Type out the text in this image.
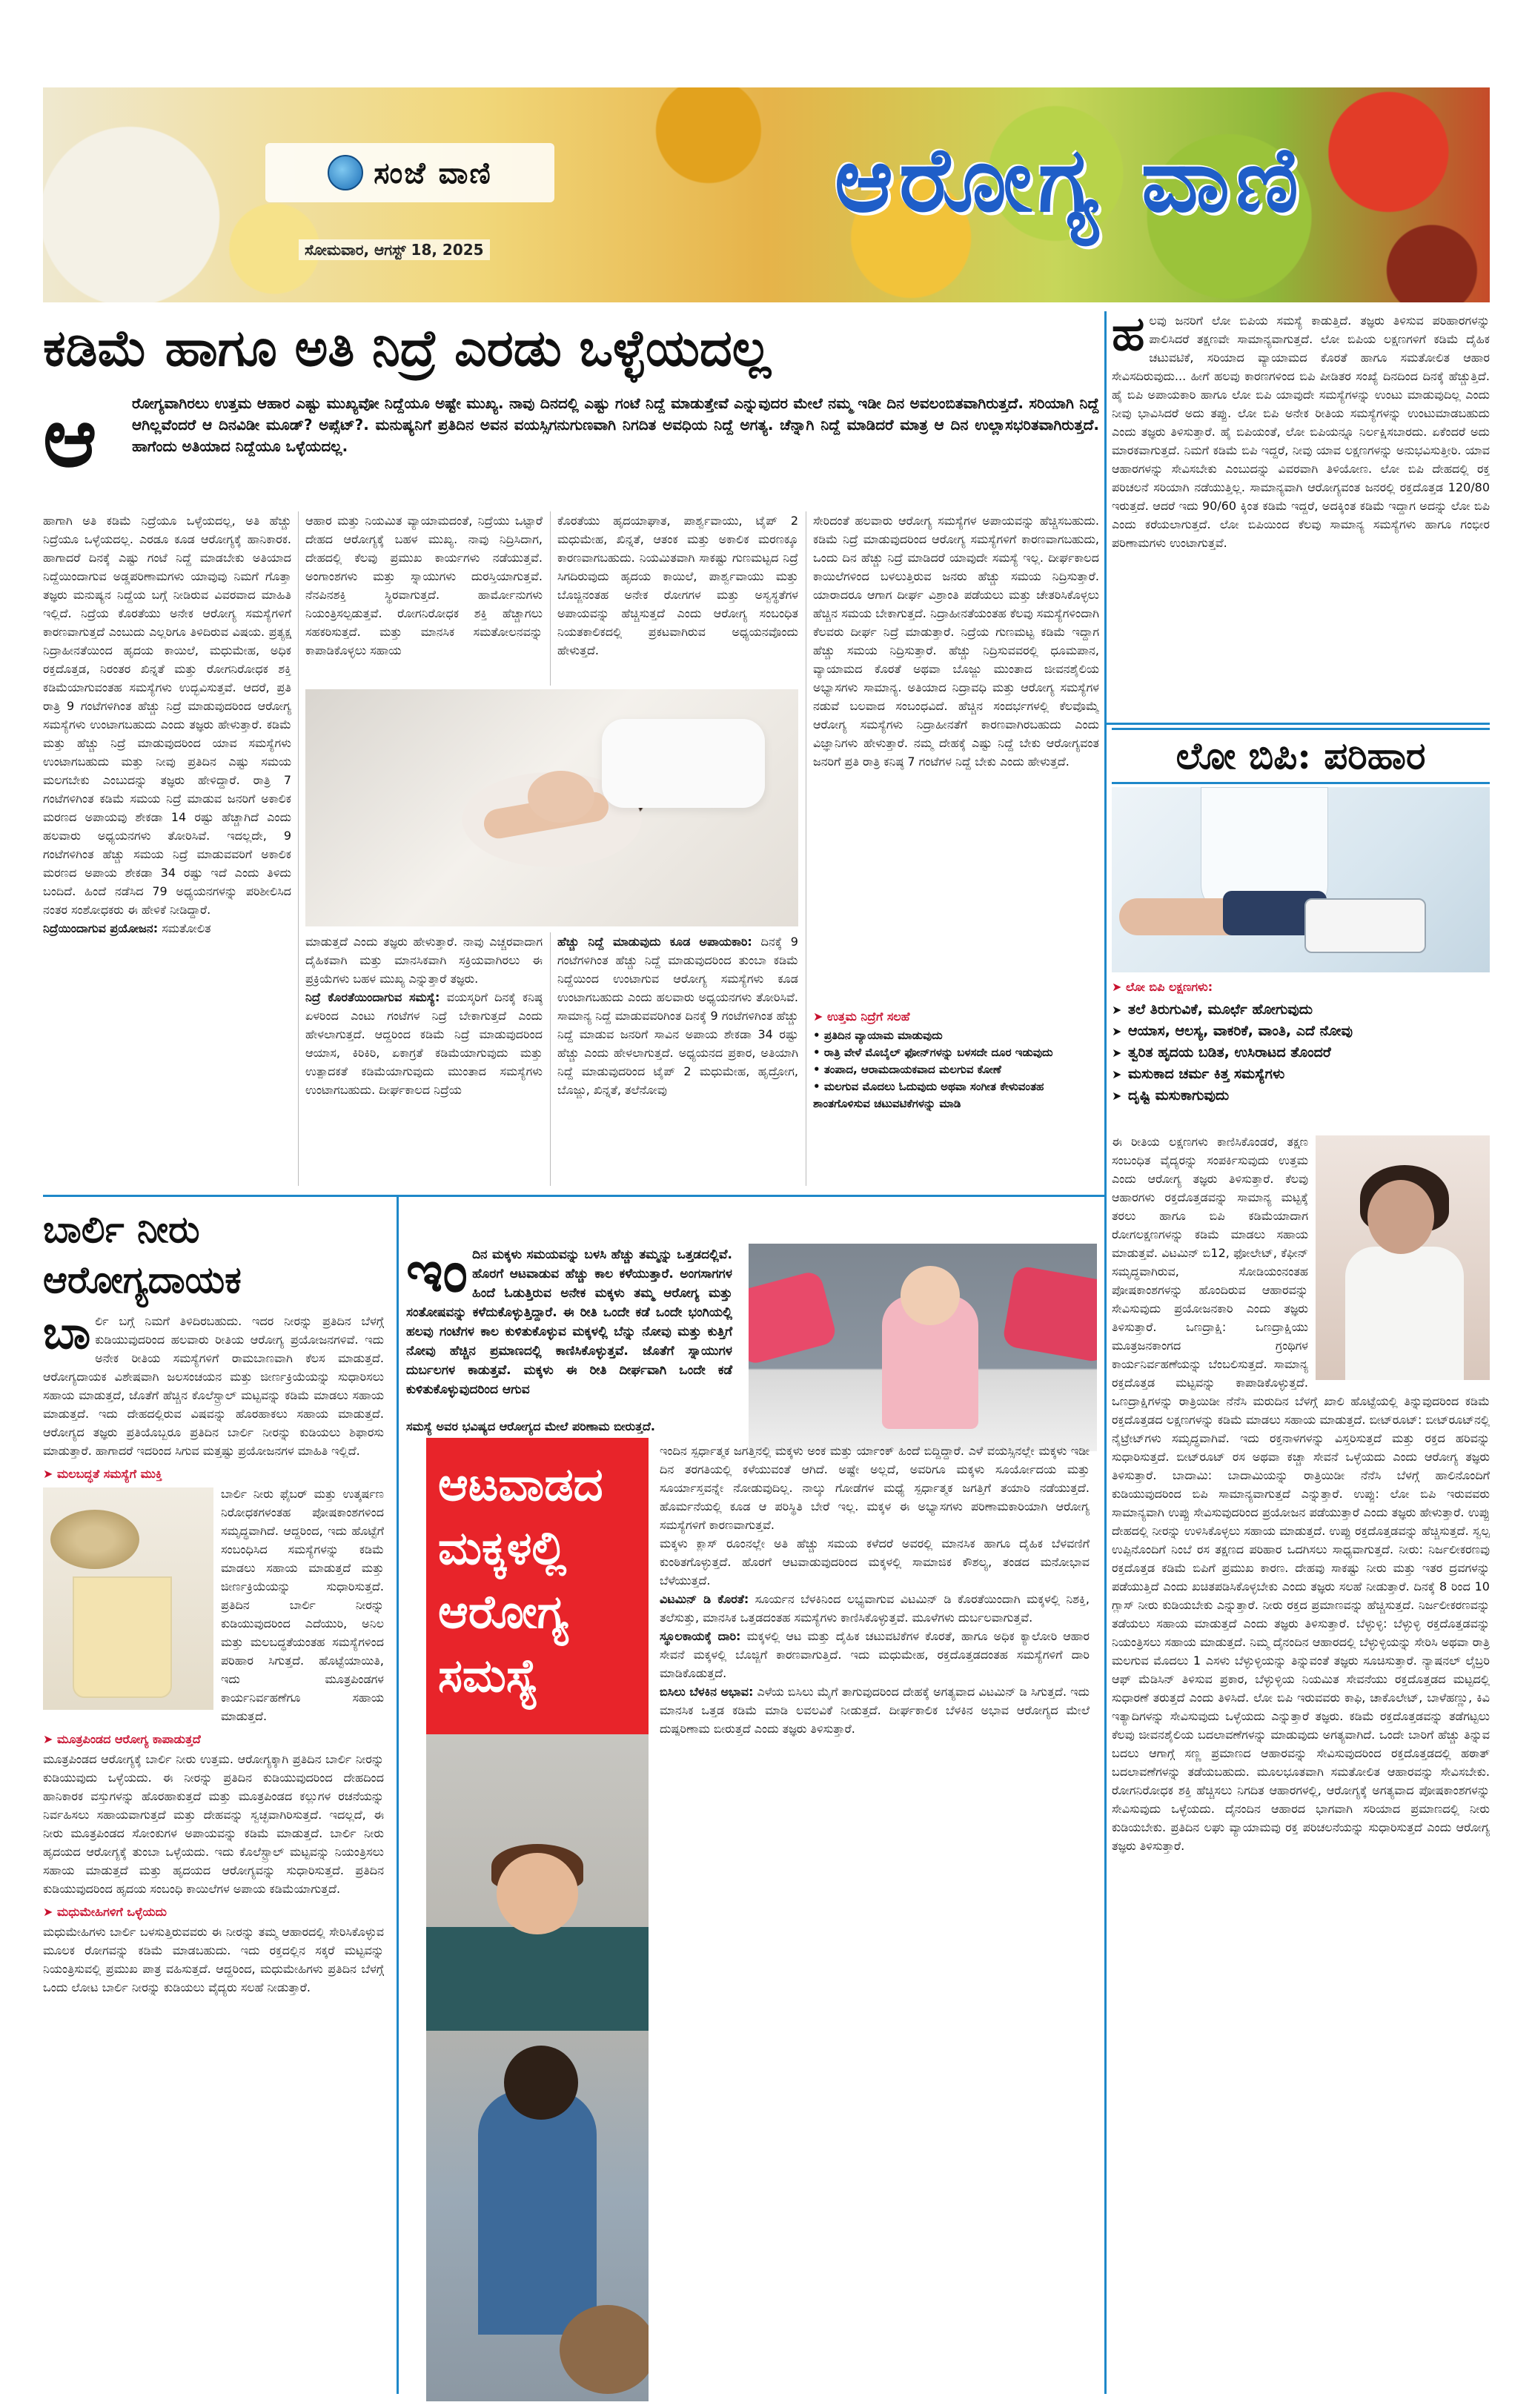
ಸಂಜೆ ವಾಣಿ
ಸೋಮವಾರ, ಆಗಸ್ಟ್ 18, 2025
ಆರೋಗ್ಯ ವಾಣಿ
ಕಡಿಮೆ ಹಾಗೂ ಅತಿ ನಿದ್ರೆ ಎರಡು ಒಳ್ಳೆಯದಲ್ಲ
ಆ	ರೋಗ್ಯವಾಗಿರಲು ಉತ್ತಮ ಆಹಾರ ಎಷ್ಟು ಮುಖ್ಯವೋ ನಿದ್ದೆಯೂ ಅಷ್ಟೇ ಮುಖ್ಯ. ನಾವು ದಿನದಲ್ಲಿ ಎಷ್ಟು ಗಂಟೆ ನಿದ್ದೆ ಮಾಡುತ್ತೇವೆ ಎನ್ನುವುದರ ಮೇಲೆ ನಮ್ಮ ಇಡೀ ದಿನ ಅವಲಂಬಿತವಾಗಿರುತ್ತದೆ. ಸರಿಯಾಗಿ ನಿದ್ದೆ ಆಗಿಲ್ಲವೆಂದರೆ ಆ ದಿನವಿಡೀ ಮೂಡ್? ಅಪ್ಸೆಟ್?. ಮನುಷ್ಯನಿಗೆ ಪ್ರತಿದಿನ ಅವನ ವಯಸ್ಸಿಗನುಗುಣವಾಗಿ ನಿಗದಿತ ಅವಧಿಯ ನಿದ್ದೆ ಅಗತ್ಯ. ಚೆನ್ನಾಗಿ ನಿದ್ದೆ ಮಾಡಿದರೆ ಮಾತ್ರ ಆ ದಿನ ಉಲ್ಲಾಸಭರಿತವಾಗಿರುತ್ತದೆ. ಹಾಗೆಂದು ಅತಿಯಾದ ನಿದ್ದೆಯೂ ಒಳ್ಳೆಯದಲ್ಲ.

ಹಾಗಾಗಿ ಅತಿ ಕಡಿಮೆ ನಿದ್ರೆಯೂ ಒಳ್ಳೆಯದಲ್ಲ, ಅತಿ ಹೆಚ್ಚು ನಿದ್ರೆಯೂ ಒಳ್ಳೆಯದಲ್ಲ. ಎರಡೂ ಕೂಡ ಆರೋಗ್ಯಕ್ಕೆ ಹಾನಿಕಾರಕ. ಹಾಗಾದರೆ ದಿನಕ್ಕೆ ಎಷ್ಟು ಗಂಟೆ ನಿದ್ದೆ ಮಾಡಬೇಕು ಅತಿಯಾದ ನಿದ್ದೆಯಿಂದಾಗುವ ಅಡ್ಡಪರಿಣಾಮಗಳು ಯಾವುವು ನಿಮಗೆ ಗೊತ್ತಾ ತಜ್ಞರು ಮನುಷ್ಯನ ನಿದ್ದೆಯ ಬಗ್ಗೆ ನೀಡಿರುವ ವಿವರವಾದ ಮಾಹಿತಿ ಇಲ್ಲಿದೆ. ನಿದ್ರೆಯ ಕೊರತೆಯು ಅನೇಕ ಆರೋಗ್ಯ ಸಮಸ್ಯೆಗಳಿಗೆ ಕಾರಣವಾಗುತ್ತದೆ ಎಂಬುದು ಎಲ್ಲರಿಗೂ ತಿಳಿದಿರುವ ವಿಷಯ. ಪ್ರತ್ಯಕ್ಷ ನಿದ್ರಾಹೀನತೆಯಿಂದ ಹೃದಯ ಕಾಯಿಲೆ, ಮಧುಮೇಹ, ಅಧಿಕ ರಕ್ತದೊತ್ತಡ, ನಿರಂತರ ಖಿನ್ನತೆ ಮತ್ತು ರೋಗನಿರೋಧಕ ಶಕ್ತಿ ಕಡಿಮೆಯಾಗುವಂತಹ ಸಮಸ್ಯೆಗಳು ಉದ್ಭವಿಸುತ್ತವೆ. ಆದರೆ, ಪ್ರತಿ ರಾತ್ರಿ 9 ಗಂಟೆಗಳಿಗಿಂತ ಹೆಚ್ಚು ನಿದ್ರೆ ಮಾಡುವುದರಿಂದ ಆರೋಗ್ಯ ಸಮಸ್ಯೆಗಳು ಉಂಟಾಗಬಹುದು ಎಂದು ತಜ್ಞರು ಹೇಳುತ್ತಾರೆ. ಕಡಿಮೆ ಮತ್ತು ಹೆಚ್ಚು ನಿದ್ರೆ ಮಾಡುವುದರಿಂದ ಯಾವ ಸಮಸ್ಯೆಗಳು ಉಂಟಾಗಬಹುದು ಮತ್ತು ನೀವು ಪ್ರತಿದಿನ ಎಷ್ಟು ಸಮಯ ಮಲಗಬೇಕು ಎಂಬುದನ್ನು ತಜ್ಞರು ಹೇಳಿದ್ದಾರೆ. ರಾತ್ರಿ 7 ಗಂಟೆಗಳಿಗಿಂತ ಕಡಿಮೆ ಸಮಯ ನಿದ್ರೆ ಮಾಡುವ ಜನರಿಗೆ ಅಕಾಲಿಕ ಮರಣದ ಅಪಾಯವು ಶೇಕಡಾ 14 ರಷ್ಟು ಹೆಚ್ಚಾಗಿದೆ ಎಂದು ಹಲವಾರು ಅಧ್ಯಯನಗಳು ತೋರಿಸಿವೆ. ಇದಲ್ಲದೇ, 9 ಗಂಟೆಗಳಿಗಿಂತ ಹೆಚ್ಚು ಸಮಯ ನಿದ್ರೆ ಮಾಡುವವರಿಗೆ ಅಕಾಲಿಕ ಮರಣದ ಅಪಾಯ ಶೇಕಡಾ 34 ರಷ್ಟು ಇದೆ ಎಂದು ತಿಳಿದು ಬಂದಿದೆ. ಹಿಂದೆ ನಡೆಸಿದ 79 ಅಧ್ಯಯನಗಳನ್ನು ಪರಿಶೀಲಿಸಿದ ನಂತರ ಸಂಶೋಧಕರು ಈ ಹೇಳಿಕೆ ನೀಡಿದ್ದಾರೆ.

ನಿದ್ರೆಯಿಂದಾಗುವ ಪ್ರಯೋಜನ: ಸಮತೋಲಿತ

ಆಹಾರ ಮತ್ತು ನಿಯಮಿತ ವ್ಯಾಯಾಮದಂತೆ, ನಿದ್ರೆಯು ಒಟ್ಟಾರೆ ದೇಹದ ಆರೋಗ್ಯಕ್ಕೆ ಬಹಳ ಮುಖ್ಯ. ನಾವು ನಿದ್ರಿಸಿದಾಗ, ದೇಹದಲ್ಲಿ ಕೆಲವು ಪ್ರಮುಖ ಕಾರ್ಯಗಳು ನಡೆಯುತ್ತವೆ. ಅಂಗಾಂಶಗಳು ಮತ್ತು ಸ್ನಾಯುಗಳು ದುರಸ್ತಿಯಾಗುತ್ತವೆ. ನೆನಪಿನಶಕ್ತಿ ಸ್ಥಿರವಾಗುತ್ತದೆ. ಹಾರ್ಮೋನುಗಳು ನಿಯಂತ್ರಿಸಲ್ಪಡುತ್ತವೆ. ರೋಗನಿರೋಧಕ ಶಕ್ತಿ ಹೆಚ್ಚಾಗಲು ಸಹಕರಿಸುತ್ತದೆ. ಮತ್ತು ಮಾನಸಿಕ ಸಮತೋಲನವನ್ನು ಕಾಪಾಡಿಕೊಳ್ಳಲು ಸಹಾಯ

ಕೊರತೆಯು ಹೃದಯಾಘಾತ, ಪಾರ್ಶ್ವವಾಯು, ಟೈಪ್ 2 ಮಧುಮೇಹ, ಖಿನ್ನತೆ, ಆತಂಕ ಮತ್ತು ಅಕಾಲಿಕ ಮರಣಕ್ಕೂ ಕಾರಣವಾಗಬಹುದು. ನಿಯಮಿತವಾಗಿ ಸಾಕಷ್ಟು ಗುಣಮಟ್ಟದ ನಿದ್ರೆ ಸಿಗದಿರುವುದು ಹೃದಯ ಕಾಯಿಲೆ, ಪಾರ್ಶ್ವವಾಯು ಮತ್ತು ಬೊಜ್ಜಿನಂತಹ ಅನೇಕ ರೋಗಗಳ ಮತ್ತು ಅಸ್ವಸ್ಥತೆಗಳ ಅಪಾಯವನ್ನು ಹೆಚ್ಚಿಸುತ್ತದೆ ಎಂದು ಆರೋಗ್ಯ ಸಂಬಂಧಿತ ನಿಯತಕಾಲಿಕದಲ್ಲಿ ಪ್ರಕಟವಾಗಿರುವ ಅಧ್ಯಯನವೊಂದು ಹೇಳುತ್ತದೆ.

ಮಾಡುತ್ತದೆ ಎಂದು ತಜ್ಞರು ಹೇಳುತ್ತಾರೆ. ನಾವು ಎಚ್ಚರವಾದಾಗ ದೈಹಿಕವಾಗಿ ಮತ್ತು ಮಾನಸಿಕವಾಗಿ ಸಕ್ರಿಯವಾಗಿರಲು ಈ ಪ್ರಕ್ರಿಯೆಗಳು ಬಹಳ ಮುಖ್ಯ ಎನ್ನುತ್ತಾರೆ ತಜ್ಞರು.

ನಿದ್ರೆ ಕೊರತೆಯಿಂದಾಗುವ ಸಮಸ್ಯೆ: ವಯಸ್ಕರಿಗೆ ದಿನಕ್ಕೆ ಕನಿಷ್ಠ ಏಳರಿಂದ ಎಂಟು ಗಂಟೆಗಳ ನಿದ್ರೆ ಬೇಕಾಗುತ್ತದೆ ಎಂದು ಹೇಳಲಾಗುತ್ತದೆ. ಆದ್ದರಿಂದ ಕಡಿಮೆ ನಿದ್ರೆ ಮಾಡುವುದರಿಂದ ಆಯಾಸ, ಕಿರಿಕಿರಿ, ಏಕಾಗ್ರತೆ ಕಡಿಮೆಯಾಗುವುದು ಮತ್ತು ಉತ್ಪಾದಕತೆ ಕಡಿಮೆಯಾಗುವುದು ಮುಂತಾದ ಸಮಸ್ಯೆಗಳು ಉಂಟಾಗಬಹುದು. ದೀರ್ಘಕಾಲದ ನಿದ್ರೆಯ

ಹೆಚ್ಚು ನಿದ್ದೆ ಮಾಡುವುದು ಕೂಡ ಅಪಾಯಕಾರಿ: ದಿನಕ್ಕೆ 9 ಗಂಟೆಗಳಿಗಿಂತ ಹೆಚ್ಚು ನಿದ್ದೆ ಮಾಡುವುದರಿಂದ ತುಂಬಾ ಕಡಿಮೆ ನಿದ್ದೆಯಿಂದ ಉಂಟಾಗುವ ಆರೋಗ್ಯ ಸಮಸ್ಯೆಗಳು ಕೂಡ ಉಂಟಾಗಬಹುದು ಎಂದು ಹಲವಾರು ಅಧ್ಯಯನಗಳು ತೋರಿಸಿವೆ. ಸಾಮಾನ್ಯ ನಿದ್ದೆ ಮಾಡುವವರಿಗಿಂತ ದಿನಕ್ಕೆ 9 ಗಂಟೆಗಳಿಗಿಂತ ಹೆಚ್ಚು ನಿದ್ದೆ ಮಾಡುವ ಜನರಿಗೆ ಸಾವಿನ ಅಪಾಯ ಶೇಕಡಾ 34 ರಷ್ಟು ಹೆಚ್ಚು ಎಂದು ಹೇಳಲಾಗುತ್ತದೆ. ಅಧ್ಯಯನದ ಪ್ರಕಾರ, ಅತಿಯಾಗಿ ನಿದ್ದೆ ಮಾಡುವುದರಿಂದ ಟೈಪ್ 2 ಮಧುಮೇಹ, ಹೃದ್ರೋಗ, ಬೊಜ್ಜು, ಖಿನ್ನತೆ, ತಲೆನೋವು

ಸೇರಿದಂತೆ ಹಲವಾರು ಆರೋಗ್ಯ ಸಮಸ್ಯೆಗಳ ಅಪಾಯವನ್ನು ಹೆಚ್ಚಿಸಬಹುದು. ಕಡಿಮೆ ನಿದ್ರೆ ಮಾಡುವುದರಿಂದ ಆರೋಗ್ಯ ಸಮಸ್ಯೆಗಳಿಗೆ ಕಾರಣವಾಗಬಹುದು, ಒಂದು ದಿನ ಹೆಚ್ಚು ನಿದ್ರೆ ಮಾಡಿದರೆ ಯಾವುದೇ ಸಮಸ್ಯೆ ಇಲ್ಲ. ದೀರ್ಘಕಾಲದ ಕಾಯಿಲೆಗಳಿಂದ ಬಳಲುತ್ತಿರುವ ಜನರು ಹೆಚ್ಚು ಸಮಯ ನಿದ್ರಿಸುತ್ತಾರೆ. ಯಾರಾದರೂ ಆಗಾಗ ದೀರ್ಘ ವಿಶ್ರಾಂತಿ ಪಡೆಯಲು ಮತ್ತು ಚೇತರಿಸಿಕೊಳ್ಳಲು ಹೆಚ್ಚಿನ ಸಮಯ ಬೇಕಾಗುತ್ತದೆ. ನಿದ್ರಾಹೀನತೆಯಂತಹ ಕೆಲವು ಸಮಸ್ಯೆಗಳಿಂದಾಗಿ ಕೆಲವರು ದೀರ್ಘ ನಿದ್ರೆ ಮಾಡುತ್ತಾರೆ. ನಿದ್ರೆಯ ಗುಣಮಟ್ಟ ಕಡಿಮೆ ಇದ್ದಾಗ ಹೆಚ್ಚು ಸಮಯ ನಿದ್ರಿಸುತ್ತಾರೆ. ಹೆಚ್ಚು ನಿದ್ರಿಸುವವರಲ್ಲಿ ಧೂಮಪಾನ, ವ್ಯಾಯಾಮದ ಕೊರತೆ ಅಥವಾ ಬೊಜ್ಜು ಮುಂತಾದ ಜೀವನಶೈಲಿಯ ಅಭ್ಯಾಸಗಳು ಸಾಮಾನ್ಯ. ಅತಿಯಾದ ನಿದ್ರಾವಧಿ ಮತ್ತು ಆರೋಗ್ಯ ಸಮಸ್ಯೆಗಳ ನಡುವೆ ಬಲವಾದ ಸಂಬಂಧವಿದೆ. ಹೆಚ್ಚಿನ ಸಂದರ್ಭಗಳಲ್ಲಿ ಕೆಲವೊಮ್ಮೆ ಆರೋಗ್ಯ ಸಮಸ್ಯೆಗಳು ನಿದ್ರಾಹೀನತೆಗೆ ಕಾರಣವಾಗಿರಬಹುದು ಎಂದು ವಿಜ್ಞಾನಿಗಳು ಹೇಳುತ್ತಾರೆ. ನಮ್ಮ ದೇಹಕ್ಕೆ ಎಷ್ಟು ನಿದ್ದೆ ಬೇಕು ಆರೋಗ್ಯವಂತ ಜನರಿಗೆ ಪ್ರತಿ ರಾತ್ರಿ ಕನಿಷ್ಠ 7 ಗಂಟೆಗಳ ನಿದ್ದೆ ಬೇಕು ಎಂದು ಹೇಳುತ್ತದೆ.

➤ ಉತ್ತಮ ನಿದ್ರೆಗೆ ಸಲಹೆ
• ಪ್ರತಿದಿನ ವ್ಯಾಯಾಮ ಮಾಡುವುದು
• ರಾತ್ರಿ ವೇಳೆ ಮೊಬೈಲ್ ಫೋನ್‌ಗಳನ್ನು ಬಳಸದೇ ದೂರ ಇಡುವುದು
• ತಂಪಾದ, ಆರಾಮದಾಯಕವಾದ ಮಲಗುವ ಕೋಣೆ
• ಮಲಗುವ ಮೊದಲು ಓದುವುದು ಅಥವಾ ಸಂಗೀತ ಕೇಳುವಂತಹ ಶಾಂತಗೊಳಿಸುವ ಚಟುವಟಿಕೆಗಳನ್ನು ಮಾಡಿ
ಹ ಲವು ಜನರಿಗೆ ಲೋ ಬಿಪಿಯ ಸಮಸ್ಯೆ ಕಾಡುತ್ತಿದೆ. ತಜ್ಞರು ತಿಳಿಸುವ ಪರಿಹಾರಗಳನ್ನು ಪಾಲಿಸಿದರೆ ತಕ್ಷಣವೇ ಸಾಮಾನ್ಯವಾಗುತ್ತದೆ. ಲೋ ಬಿಪಿಯ ಲಕ್ಷಣಗಳಿಗೆ ಕಡಿಮೆ ದೈಹಿಕ ಚಟುವಟಿಕೆ, ಸರಿಯಾದ ವ್ಯಾಯಾಮದ ಕೊರತೆ ಹಾಗೂ ಸಮತೋಲಿತ ಆಹಾರ ಸೇವಿಸದಿರುವುದು... ಹೀಗೆ ಹಲವು ಕಾರಣಗಳಿಂದ ಬಿಪಿ ಪೀಡಿತರ ಸಂಖ್ಯೆ ದಿನದಿಂದ ದಿನಕ್ಕೆ ಹೆಚ್ಚುತ್ತಿದೆ. ಹೈ ಬಿಪಿ ಅಪಾಯಕಾರಿ ಹಾಗೂ ಲೋ ಬಿಪಿ ಯಾವುದೇ ಸಮಸ್ಯೆಗಳನ್ನು ಉಂಟು ಮಾಡುವುದಿಲ್ಲ ಎಂದು ನೀವು ಭಾವಿಸಿದರೆ ಅದು ತಪ್ಪು. ಲೋ ಬಿಪಿ ಅನೇಕ ರೀತಿಯ ಸಮಸ್ಯೆಗಳನ್ನು ಉಂಟುಮಾಡಬಹುದು ಎಂದು ತಜ್ಞರು ತಿಳಿಸುತ್ತಾರೆ. ಹೈ ಬಿಪಿಯಂತೆ, ಲೋ ಬಿಪಿಯನ್ನೂ ನಿರ್ಲಕ್ಷಿಸಬಾರದು. ಏಕೆಂದರೆ ಅದು ಮಾರಕವಾಗುತ್ತದೆ. ನಿಮಗೆ ಕಡಿಮೆ ಬಿಪಿ ಇದ್ದರೆ, ನೀವು ಯಾವ ಲಕ್ಷಣಗಳನ್ನು ಅನುಭವಿಸುತ್ತೀರಿ. ಯಾವ ಆಹಾರಗಳನ್ನು ಸೇವಿಸಬೇಕು ಎಂಬುದನ್ನು ವಿವರವಾಗಿ ತಿಳಿಯೋಣ. ಲೋ ಬಿಪಿ ದೇಹದಲ್ಲಿ ರಕ್ತ ಪರಿಚಲನೆ ಸರಿಯಾಗಿ ನಡೆಯುತ್ತಿಲ್ಲ. ಸಾಮಾನ್ಯವಾಗಿ ಆರೋಗ್ಯವಂತ ಜನರಲ್ಲಿ ರಕ್ತದೊತ್ತಡ 120/80 ಇರುತ್ತದೆ. ಆದರೆ ಇದು 90/60 ಕ್ಕಿಂತ ಕಡಿಮೆ ಇದ್ದರೆ, ಅದಕ್ಕಿಂತ ಕಡಿಮೆ ಇದ್ದಾಗ ಅದನ್ನು ಲೋ ಬಿಪಿ ಎಂದು ಕರೆಯಲಾಗುತ್ತದೆ. ಲೋ ಬಿಪಿಯಿಂದ ಕೆಲವು ಸಾಮಾನ್ಯ ಸಮಸ್ಯೆಗಳು ಹಾಗೂ ಗಂಭೀರ ಪರಿಣಾಮಗಳು ಉಂಟಾಗುತ್ತವೆ.
ಲೋ ಬಿಪಿ: ಪರಿಹಾರ
➤ ಲೋ ಬಿಪಿ ಲಕ್ಷಣಗಳು:
➤ ತಲೆ ತಿರುಗುವಿಕೆ, ಮೂರ್ಛೆ ಹೋಗುವುದು
➤ ಆಯಾಸ, ಆಲಸ್ಯ, ವಾಕರಿಕೆ, ವಾಂತಿ, ಎದೆ ನೋವು
➤ ತ್ವರಿತ ಹೃದಯ ಬಡಿತ, ಉಸಿರಾಟದ ತೊಂದರೆ
➤ ಮಸುಕಾದ ಚರ್ಮ ಕಿತ್ತ ಸಮಸ್ಯೆಗಳು
➤ ದೃಷ್ಟಿ ಮಸುಕಾಗುವುದು

ಈ ರೀತಿಯ ಲಕ್ಷಣಗಳು ಕಾಣಿಸಿಕೊಂಡರೆ, ತಕ್ಷಣ ಸಂಬಂಧಿತ ವೈದ್ಯರನ್ನು ಸಂಪರ್ಕಿಸುವುದು ಉತ್ತಮ ಎಂದು ಆರೋಗ್ಯ ತಜ್ಞರು ತಿಳಿಸುತ್ತಾರೆ. ಕೆಲವು ಆಹಾರಗಳು ರಕ್ತದೊತ್ತಡವನ್ನು ಸಾಮಾನ್ಯ ಮಟ್ಟಕ್ಕೆ ತರಲು ಹಾಗೂ ಬಿಪಿ ಕಡಿಮೆಯಾದಾಗ ರೋಗಲಕ್ಷಣಗಳನ್ನು ಕಡಿಮೆ ಮಾಡಲು ಸಹಾಯ ಮಾಡುತ್ತವೆ. ವಿಟಮಿನ್ ಬಿ12, ಫೋಲೇಟ್, ಕೆಫೀನ್ ಸಮೃದ್ಧವಾಗಿರುವ, ಸೋಡಿಯಂನಂತಹ ಪೋಷಕಾಂಶಗಳನ್ನು ಹೊಂದಿರುವ ಆಹಾರವನ್ನು ಸೇವಿಸುವುದು ಪ್ರಯೋಜನಕಾರಿ ಎಂದು ತಜ್ಞರು ತಿಳಿಸುತ್ತಾರೆ. ಒಣದ್ರಾಕ್ಷಿ: ಒಣದ್ರಾಕ್ಷಿಯು ಮೂತ್ರಜನಕಾಂಗದ ಗ್ರಂಥಿಗಳ ಕಾರ್ಯನಿರ್ವಹಣೆಯನ್ನು ಬೆಂಬಲಿಸುತ್ತದೆ. ಸಾಮಾನ್ಯ ರಕ್ತದೊತ್ತಡ ಮಟ್ಟವನ್ನು ಕಾಪಾಡಿಕೊಳ್ಳುತ್ತದೆ. ಒಣದ್ರಾಕ್ಷಿಗಳನ್ನು ರಾತ್ರಿಯಿಡೀ ನೆನೆಸಿ ಮರುದಿನ ಬೆಳಗ್ಗೆ ಖಾಲಿ ಹೊಟ್ಟೆಯಲ್ಲಿ ತಿನ್ನುವುದರಿಂದ ಕಡಿಮೆ ರಕ್ತದೊತ್ತಡದ ಲಕ್ಷಣಗಳನ್ನು ಕಡಿಮೆ ಮಾಡಲು ಸಹಾಯ ಮಾಡುತ್ತದೆ. ಬೀಟ್‌ರೂಟ್: ಬೀಟ್‌ರೂಟ್‌ನಲ್ಲಿ ನೈಟ್ರೇಟ್‌ಗಳು ಸಮೃದ್ಧವಾಗಿವೆ. ಇದು ರಕ್ತನಾಳಗಳನ್ನು ವಿಸ್ತರಿಸುತ್ತದೆ ಮತ್ತು ರಕ್ತದ ಹರಿವನ್ನು ಸುಧಾರಿಸುತ್ತದೆ. ಬೀಟ್‌ರೂಟ್ ರಸ ಅಥವಾ ಕಚ್ಚಾ ಸೇವನೆ ಒಳ್ಳೆಯದು ಎಂದು ಆರೋಗ್ಯ ತಜ್ಞರು ತಿಳಿಸುತ್ತಾರೆ. ಬಾದಾಮಿ: ಬಾದಾಮಿಯನ್ನು ರಾತ್ರಿಯಿಡೀ ನೆನೆಸಿ ಬೆಳಗ್ಗೆ ಹಾಲಿನೊಂದಿಗೆ ಕುಡಿಯುವುದರಿಂದ ಬಿಪಿ ಸಾಮಾನ್ಯವಾಗುತ್ತದೆ ಎನ್ನುತ್ತಾರೆ. ಉಪ್ಪು: ಲೋ ಬಿಪಿ ಇರುವವರು ಸಾಮಾನ್ಯವಾಗಿ ಉಪ್ಪು ಸೇವಿಸುವುದರಿಂದ ಪ್ರಯೋಜನ ಪಡೆಯುತ್ತಾರೆ ಎಂದು ತಜ್ಞರು ಹೇಳುತ್ತಾರೆ. ಉಪ್ಪು ದೇಹದಲ್ಲಿ ನೀರನ್ನು ಉಳಿಸಿಕೊಳ್ಳಲು ಸಹಾಯ ಮಾಡುತ್ತದೆ. ಉಪ್ಪು ರಕ್ತದೊತ್ತಡವನ್ನು ಹೆಚ್ಚಿಸುತ್ತದೆ. ಸ್ವಲ್ಪ ಉಪ್ಪಿನೊಂದಿಗೆ ನಿಂಬೆ ರಸ ತಕ್ಷಣದ ಪರಿಹಾರ ಒದಗಿಸಲು ಸಾಧ್ಯವಾಗುತ್ತದೆ. ನೀರು: ನಿರ್ಜಲೀಕರಣವು ರಕ್ತದೊತ್ತಡ ಕಡಿಮೆ ಬಿಪಿಗೆ ಪ್ರಮುಖ ಕಾರಣ. ದೇಹವು ಸಾಕಷ್ಟು ನೀರು ಮತ್ತು ಇತರ ದ್ರವಗಳನ್ನು ಪಡೆಯುತ್ತಿದೆ ಎಂದು ಖಚಿತಪಡಿಸಿಕೊಳ್ಳಬೇಕು ಎಂದು ತಜ್ಞರು ಸಲಹೆ ನೀಡುತ್ತಾರೆ. ದಿನಕ್ಕೆ 8 ರಿಂದ 10 ಗ್ಲಾಸ್ ನೀರು ಕುಡಿಯಬೇಕು ಎನ್ನುತ್ತಾರೆ. ನೀರು ರಕ್ತದ ಪ್ರಮಾಣವನ್ನು ಹೆಚ್ಚಿಸುತ್ತದೆ. ನಿರ್ಜಲೀಕರಣವನ್ನು ತಡೆಯಲು ಸಹಾಯ ಮಾಡುತ್ತದೆ ಎಂದು ತಜ್ಞರು ತಿಳಿಸುತ್ತಾರೆ. ಬೆಳ್ಳುಳ್ಳಿ: ಬೆಳ್ಳುಳ್ಳಿ ರಕ್ತದೊತ್ತಡವನ್ನು ನಿಯಂತ್ರಿಸಲು ಸಹಾಯ ಮಾಡುತ್ತದೆ. ನಿಮ್ಮ ದೈನಂದಿನ ಆಹಾರದಲ್ಲಿ ಬೆಳ್ಳುಳ್ಳಿಯನ್ನು ಸೇರಿಸಿ ಅಥವಾ ರಾತ್ರಿ ಮಲಗುವ ಮೊದಲು 1 ಎಸಳು ಬೆಳ್ಳುಳ್ಳಿಯನ್ನು ತಿನ್ನುವಂತೆ ತಜ್ಞರು ಸೂಚಿಸುತ್ತಾರೆ. ನ್ಯಾಷನಲ್ ಲೈಬ್ರರಿ ಆಫ್ ಮೆಡಿಸಿನ್ ತಿಳಿಸುವ ಪ್ರಕಾರ, ಬೆಳ್ಳುಳ್ಳಿಯ ನಿಯಮಿತ ಸೇವನೆಯು ರಕ್ತದೊತ್ತಡದ ಮಟ್ಟದಲ್ಲಿ ಸುಧಾರಣೆ ತರುತ್ತದೆ ಎಂದು ತಿಳಿಸಿದೆ. ಲೋ ಬಿಪಿ ಇರುವವರು ಕಾಫಿ, ಚಾಕೊಲೇಟ್, ಬಾಳೆಹಣ್ಣು, ಕಿವಿ ಇತ್ಯಾದಿಗಳನ್ನು ಸೇವಿಸುವುದು ಒಳ್ಳೆಯದು ಎನ್ನುತ್ತಾರೆ ತಜ್ಞರು. ಕಡಿಮೆ ರಕ್ತದೊತ್ತಡವನ್ನು ತಡೆಗಟ್ಟಲು ಕೆಲವು ಜೀವನಶೈಲಿಯ ಬದಲಾವಣೆಗಳನ್ನು ಮಾಡುವುದು ಅಗತ್ಯವಾಗಿದೆ. ಒಂದೇ ಬಾರಿಗೆ ಹೆಚ್ಚು ತಿನ್ನುವ ಬದಲು ಆಗಾಗ್ಗೆ ಸಣ್ಣ ಪ್ರಮಾಣದ ಆಹಾರವನ್ನು ಸೇವಿಸುವುದರಿಂದ ರಕ್ತದೊತ್ತಡದಲ್ಲಿ ಹಠಾತ್ ಬದಲಾವಣೆಗಳನ್ನು ತಡೆಯಬಹುದು. ಮೂಲಭೂತವಾಗಿ ಸಮತೋಲಿತ ಆಹಾರವನ್ನು ಸೇವಿಸಬೇಕು. ರೋಗನಿರೋಧಕ ಶಕ್ತಿ ಹೆಚ್ಚಿಸಲು ನಿಗದಿತ ಆಹಾರಗಳಲ್ಲಿ, ಆರೋಗ್ಯಕ್ಕೆ ಅಗತ್ಯವಾದ ಪೋಷಕಾಂಶಗಳನ್ನು ಸೇವಿಸುವುದು ಒಳ್ಳೆಯದು. ದೈನಂದಿನ ಆಹಾರದ ಭಾಗವಾಗಿ ಸರಿಯಾದ ಪ್ರಮಾಣದಲ್ಲಿ ನೀರು ಕುಡಿಯಬೇಕು. ಪ್ರತಿದಿನ ಲಘು ವ್ಯಾಯಾಮವು ರಕ್ತ ಪರಿಚಲನೆಯನ್ನು ಸುಧಾರಿಸುತ್ತದೆ ಎಂದು ಆರೋಗ್ಯ ತಜ್ಞರು ತಿಳಿಸುತ್ತಾರೆ.

ಬಾರ್ಲಿ ನೀರು
ಆರೋಗ್ಯದಾಯಕ

ಬಾರ್ಲಿ ಬಗ್ಗೆ ನಿಮಗೆ ತಿಳಿದಿರಬಹುದು. ಇದರ ನೀರನ್ನು ಪ್ರತಿದಿನ ಬೆಳಗ್ಗೆ ಕುಡಿಯುವುದರಿಂದ ಹಲವಾರು ರೀತಿಯ ಆರೋಗ್ಯ ಪ್ರಯೋಜನಗಳಿವೆ. ಇದು ಅನೇಕ ರೀತಿಯ ಸಮಸ್ಯೆಗಳಿಗೆ ರಾಮಬಾಣವಾಗಿ ಕೆಲಸ ಮಾಡುತ್ತದೆ. ಆರೋಗ್ಯದಾಯಕ ವಿಶೇಷವಾಗಿ ಜಲಸಂಚಯನ ಮತ್ತು ಜೀರ್ಣಕ್ರಿಯೆಯನ್ನು ಸುಧಾರಿಸಲು ಸಹಾಯ ಮಾಡುತ್ತದೆ, ಜೊತೆಗೆ ಹೆಚ್ಚಿನ ಕೊಲೆಸ್ಟ್ರಾಲ್ ಮಟ್ಟವನ್ನು ಕಡಿಮೆ ಮಾಡಲು ಸಹಾಯ ಮಾಡುತ್ತದೆ. ಇದು ದೇಹದಲ್ಲಿರುವ ವಿಷವನ್ನು ಹೊರಹಾಕಲು ಸಹಾಯ ಮಾಡುತ್ತದೆ. ಆರೋಗ್ಯದ ತಜ್ಞರು ಪ್ರತಿಯೊಬ್ಬರೂ ಪ್ರತಿದಿನ ಬಾರ್ಲಿ ನೀರನ್ನು ಕುಡಿಯಲು ಶಿಫಾರಸು ಮಾಡುತ್ತಾರೆ. ಹಾಗಾದರೆ ಇದರಿಂದ ಸಿಗುವ ಮತ್ತಷ್ಟು ಪ್ರಯೋಜನಗಳ ಮಾಹಿತಿ ಇಲ್ಲಿದೆ.

➤ ಮಲಬದ್ಧತೆ ಸಮಸ್ಯೆಗೆ ಮುಕ್ತಿ

ಬಾರ್ಲಿ ನೀರು ಫೈಬರ್ ಮತ್ತು ಉತ್ಕರ್ಷಣ ನಿರೋಧಕಗಳಂತಹ ಪೋಷಕಾಂಶಗಳಿಂದ ಸಮೃದ್ಧವಾಗಿದೆ. ಆದ್ದರಿಂದ, ಇದು ಹೊಟ್ಟೆಗೆ ಸಂಬಂಧಿಸಿದ ಸಮಸ್ಯೆಗಳನ್ನು ಕಡಿಮೆ ಮಾಡಲು ಸಹಾಯ ಮಾಡುತ್ತದೆ ಮತ್ತು ಜೀರ್ಣಕ್ರಿಯೆಯನ್ನು ಸುಧಾರಿಸುತ್ತದೆ. ಪ್ರತಿದಿನ ಬಾರ್ಲಿ ನೀರನ್ನು ಕುಡಿಯುವುದರಿಂದ ಎದೆಯುರಿ, ಅನಿಲ ಮತ್ತು ಮಲಬದ್ಧತೆಯಂತಹ ಸಮಸ್ಯೆಗಳಿಂದ ಪರಿಹಾರ ಸಿಗುತ್ತದೆ. ಹೊಟ್ಟೆಯಾಯಿತಿ, ಇದು ಮೂತ್ರಪಿಂಡಗಳ ಕಾರ್ಯನಿರ್ವಹಣೆಗೂ ಸಹಾಯ ಮಾಡುತ್ತದೆ.

➤ ಮೂತ್ರಪಿಂಡದ ಆರೋಗ್ಯ ಕಾಪಾಡುತ್ತದೆ

ಮೂತ್ರಪಿಂಡದ ಆರೋಗ್ಯಕ್ಕೆ ಬಾರ್ಲಿ ನೀರು ಉತ್ತಮ. ಆರೋಗ್ಯಕ್ಕಾಗಿ ಪ್ರತಿದಿನ ಬಾರ್ಲಿ ನೀರನ್ನು ಕುಡಿಯುವುದು ಒಳ್ಳೆಯದು. ಈ ನೀರನ್ನು ಪ್ರತಿದಿನ ಕುಡಿಯುವುದರಿಂದ ದೇಹದಿಂದ ಹಾನಿಕಾರಕ ವಸ್ತುಗಳನ್ನು ಹೊರಹಾಕುತ್ತದೆ ಮತ್ತು ಮೂತ್ರಪಿಂಡದ ಕಲ್ಲುಗಳ ರಚನೆಯನ್ನು ನಿರ್ವಹಿಸಲು ಸಹಾಯವಾಗುತ್ತದೆ ಮತ್ತು ದೇಹವನ್ನು ಸ್ವಚ್ಛವಾಗಿರಿಸುತ್ತದೆ. ಇದಲ್ಲದೆ, ಈ ನೀರು ಮೂತ್ರಪಿಂಡದ ಸೋಂಕುಗಳ ಅಪಾಯವನ್ನು ಕಡಿಮೆ ಮಾಡುತ್ತದೆ. ಬಾರ್ಲಿ ನೀರು ಹೃದಯದ ಆರೋಗ್ಯಕ್ಕೆ ತುಂಬಾ ಒಳ್ಳೆಯದು. ಇದು ಕೊಲೆಸ್ಟ್ರಾಲ್ ಮಟ್ಟವನ್ನು ನಿಯಂತ್ರಿಸಲು ಸಹಾಯ ಮಾಡುತ್ತದೆ ಮತ್ತು ಹೃದಯದ ಆರೋಗ್ಯವನ್ನು ಸುಧಾರಿಸುತ್ತದೆ. ಪ್ರತಿದಿನ ಕುಡಿಯುವುದರಿಂದ ಹೃದಯ ಸಂಬಂಧಿ ಕಾಯಿಲೆಗಳ ಅಪಾಯ ಕಡಿಮೆಯಾಗುತ್ತದೆ.

➤ ಮಧುಮೇಹಿಗಳಿಗೆ ಒಳ್ಳೆಯದು

ಮಧುಮೇಹಿಗಳು ಬಾರ್ಲಿ ಬಳಸುತ್ತಿರುವವರು ಈ ನೀರನ್ನು ತಮ್ಮ ಆಹಾರದಲ್ಲಿ ಸೇರಿಸಿಕೊಳ್ಳುವ ಮೂಲಕ ರೋಗವನ್ನು ಕಡಿಮೆ ಮಾಡಬಹುದು. ಇದು ರಕ್ತದಲ್ಲಿನ ಸಕ್ಕರೆ ಮಟ್ಟವನ್ನು ನಿಯಂತ್ರಿಸುವಲ್ಲಿ ಪ್ರಮುಖ ಪಾತ್ರ ವಹಿಸುತ್ತದೆ. ಆದ್ದರಿಂದ, ಮಧುಮೇಹಿಗಳು ಪ್ರತಿದಿನ ಬೆಳಗ್ಗೆ ಒಂದು ಲೋಟ ಬಾರ್ಲಿ ನೀರನ್ನು ಕುಡಿಯಲು ವೈದ್ಯರು ಸಲಹೆ ನೀಡುತ್ತಾರೆ.

ಇಂ ದಿನ ಮಕ್ಕಳು ಸಮಯವನ್ನು ಬಳಸಿ ಹೆಚ್ಚು ತಮ್ಮನ್ನು ಒತ್ತಡದಲ್ಲಿವೆ. ಹೊರಗೆ ಆಟವಾಡುವ ಹೆಚ್ಚು ಕಾಲ ಕಳೆಯುತ್ತಾರೆ. ಅಂಗಸಾಗಗಳ ಹಿಂದೆ ಓಡುತ್ತಿರುವ ಅನೇಕ ಮಕ್ಕಳು ತಮ್ಮ ಆರೋಗ್ಯ ಮತ್ತು ಸಂತೋಷವನ್ನು ಕಳೆದುಕೊಳ್ಳುತ್ತಿದ್ದಾರೆ. ಈ ರೀತಿ ಒಂದೇ ಕಡೆ ಒಂದೇ ಭಂಗಿಯಲ್ಲಿ ಹಲವು ಗಂಟೆಗಳ ಕಾಲ ಕುಳಿತುಕೊಳ್ಳುವ ಮಕ್ಕಳಲ್ಲಿ ಬೆನ್ನು ನೋವು ಮತ್ತು ಕುತ್ತಿಗೆ ನೋವು ಹೆಚ್ಚಿನ ಪ್ರಮಾಣದಲ್ಲಿ ಕಾಣಿಸಿಕೊಳ್ಳುತ್ತವೆ. ಜೊತೆಗೆ ಸ್ನಾಯುಗಳ ದುರ್ಬಲಗಳ ಕಾಡುತ್ತವೆ. ಮಕ್ಕಳು ಈ ರೀತಿ ದೀರ್ಘವಾಗಿ ಒಂದೇ ಕಡೆ ಕುಳಿತುಕೊಳ್ಳುವುದರಿಂದ ಆಗುವ
ಸಮಸ್ಯೆ ಅವರ ಭವಿಷ್ಯದ ಆರೋಗ್ಯದ ಮೇಲೆ ಪರಿಣಾಮ ಬೀರುತ್ತದೆ.
ಆಟವಾಡದ ಮಕ್ಕಳಲ್ಲಿ ಆರೋಗ್ಯ ಸಮಸ್ಯೆ

ಇಂದಿನ ಸ್ಪರ್ಧಾತ್ಮಕ ಜಗತ್ತಿನಲ್ಲಿ ಮಕ್ಕಳು ಅಂಕ ಮತ್ತು ರ್ಯಾಂಕ್ ಹಿಂದೆ ಬಿದ್ದಿದ್ದಾರೆ. ಎಳೆ ವಯಸ್ಸಿನಲ್ಲೇ ಮಕ್ಕಳು ಇಡೀ ದಿನ ತರಗತಿಯಲ್ಲಿ ಕಳೆಯುವಂತೆ ಆಗಿದೆ. ಅಷ್ಟೇ ಅಲ್ಲದೆ, ಅವರಿಗೂ ಮಕ್ಕಳು ಸೂರ್ಯೋದಯ ಮತ್ತು ಸೂರ್ಯಾಸ್ತವನ್ನೇ ನೋಡುವುದಿಲ್ಲ. ನಾಲ್ಕು ಗೋಡೆಗಳ ಮಧ್ಯೆ ಸ್ಪರ್ಧಾತ್ಮಕ ಜಗತ್ತಿಗೆ ತಯಾರಿ ನಡೆಯುತ್ತದೆ. ಹೊರ್ಮನೆಯಲ್ಲಿ ಕೂಡ ಆ ಪರಿಸ್ಥಿತಿ ಬೇರೆ ಇಲ್ಲ. ಮಕ್ಕಳ ಈ ಅಭ್ಯಾಸಗಳು ಪರಿಣಾಮಕಾರಿಯಾಗಿ ಆರೋಗ್ಯ ಸಮಸ್ಯೆಗಳಿಗೆ ಕಾರಣವಾಗುತ್ತವೆ.

ಮಕ್ಕಳು ಕ್ಲಾಸ್ ರೂಂನಲ್ಲೇ ಅತಿ ಹೆಚ್ಚು ಸಮಯ ಕಳೆದರೆ ಅವರಲ್ಲಿ ಮಾನಸಿಕ ಹಾಗೂ ದೈಹಿಕ ಬೆಳವಣಿಗೆ ಕುಂಠಿತಗೊಳ್ಳುತ್ತದೆ. ಹೊರಗೆ ಆಟವಾಡುವುದರಿಂದ ಮಕ್ಕಳಲ್ಲಿ ಸಾಮಾಜಿಕ ಕೌಶಲ್ಯ, ತಂಡದ ಮನೋಭಾವ ಬೆಳೆಯುತ್ತದೆ.

ವಿಟಮಿನ್ ಡಿ ಕೊರತೆ: ಸೂರ್ಯನ ಬೆಳಕಿನಿಂದ ಲಭ್ಯವಾಗುವ ವಿಟಮಿನ್ ಡಿ ಕೊರತೆಯಿಂದಾಗಿ ಮಕ್ಕಳಲ್ಲಿ ನಿಶಕ್ತಿ, ತಲೆಸುತ್ತು, ಮಾನಸಿಕ ಒತ್ತಡದಂತಹ ಸಮಸ್ಯೆಗಳು ಕಾಣಿಸಿಕೊಳ್ಳುತ್ತವೆ. ಮೂಳೆಗಳು ದುರ್ಬಲವಾಗುತ್ತವೆ.

ಸ್ಥೂಲಕಾಯಕ್ಕೆ ದಾರಿ: ಮಕ್ಕಳಲ್ಲಿ ಆಟ ಮತ್ತು ದೈಹಿಕ ಚಟುವಟಿಕೆಗಳ ಕೊರತೆ, ಹಾಗೂ ಅಧಿಕ ಕ್ಯಾಲೋರಿ ಆಹಾರ ಸೇವನೆ ಮಕ್ಕಳಲ್ಲಿ ಬೊಜ್ಜಿಗೆ ಕಾರಣವಾಗುತ್ತಿದೆ. ಇದು ಮಧುಮೇಹ, ರಕ್ತದೊತ್ತಡದಂತಹ ಸಮಸ್ಯೆಗಳಿಗೆ ದಾರಿ ಮಾಡಿಕೊಡುತ್ತದೆ.

ಬಿಸಿಲು ಬೆಳಕಿನ ಅಭಾವ: ಎಳೆಯ ಬಿಸಿಲು ಮೈಗೆ ತಾಗುವುದರಿಂದ ದೇಹಕ್ಕೆ ಅಗತ್ಯವಾದ ವಿಟಮಿನ್ ಡಿ ಸಿಗುತ್ತದೆ. ಇದು ಮಾನಸಿಕ ಒತ್ತಡ ಕಡಿಮೆ ಮಾಡಿ ಲವಲವಿಕೆ ನೀಡುತ್ತದೆ. ದೀರ್ಘಕಾಲಿಕ ಬೆಳಕಿನ ಅಭಾವ ಆರೋಗ್ಯದ ಮೇಲೆ ದುಷ್ಪರಿಣಾಮ ಬೀರುತ್ತದೆ ಎಂದು ತಜ್ಞರು ತಿಳಿಸುತ್ತಾರೆ.
